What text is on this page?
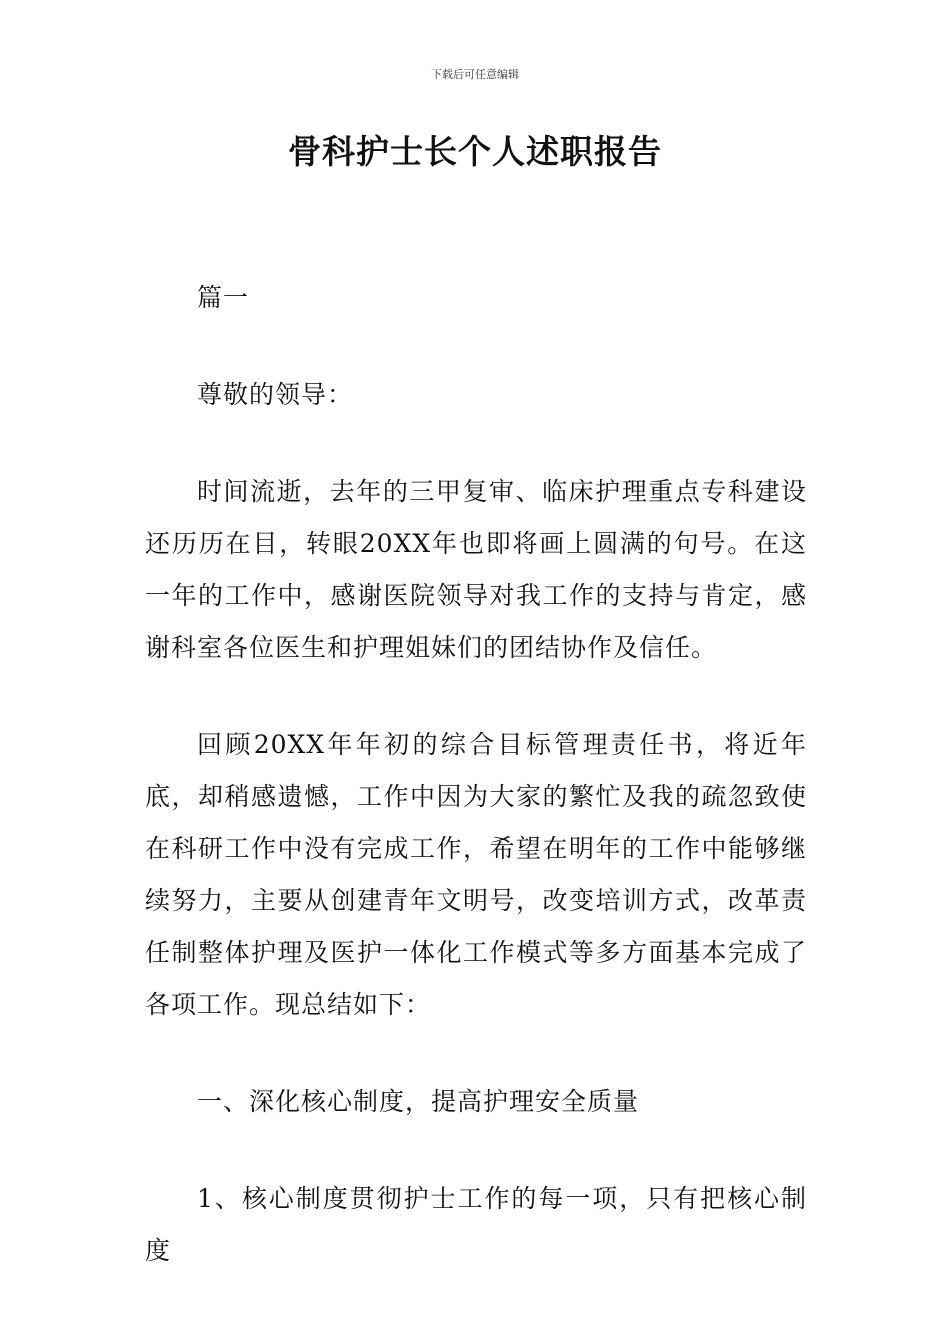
下载后可任意编辑
骨科护士长个人述职报告

篇一

尊敬的领导：

时间流逝，去年的三甲复审、临床护理重点专科建设还历历在目，转眼20XX年也即将画上圆满的句号。在这一年的工作中，感谢医院领导对我工作的支持与肯定，感谢科室各位医生和护理姐妹们的团结协作及信任。

回顾20XX年年初的综合目标管理责任书，将近年底，却稍感遗憾，工作中因为大家的繁忙及我的疏忽致使在科研工作中没有完成工作，希望在明年的工作中能够继续努力，主要从创建青年文明号，改变培训方式，改革责任制整体护理及医护一体化工作模式等多方面基本完成了各项工作。现总结如下：

一、深化核心制度，提高护理安全质量

1、核心制度贯彻护士工作的每一项，只有把核心制度
